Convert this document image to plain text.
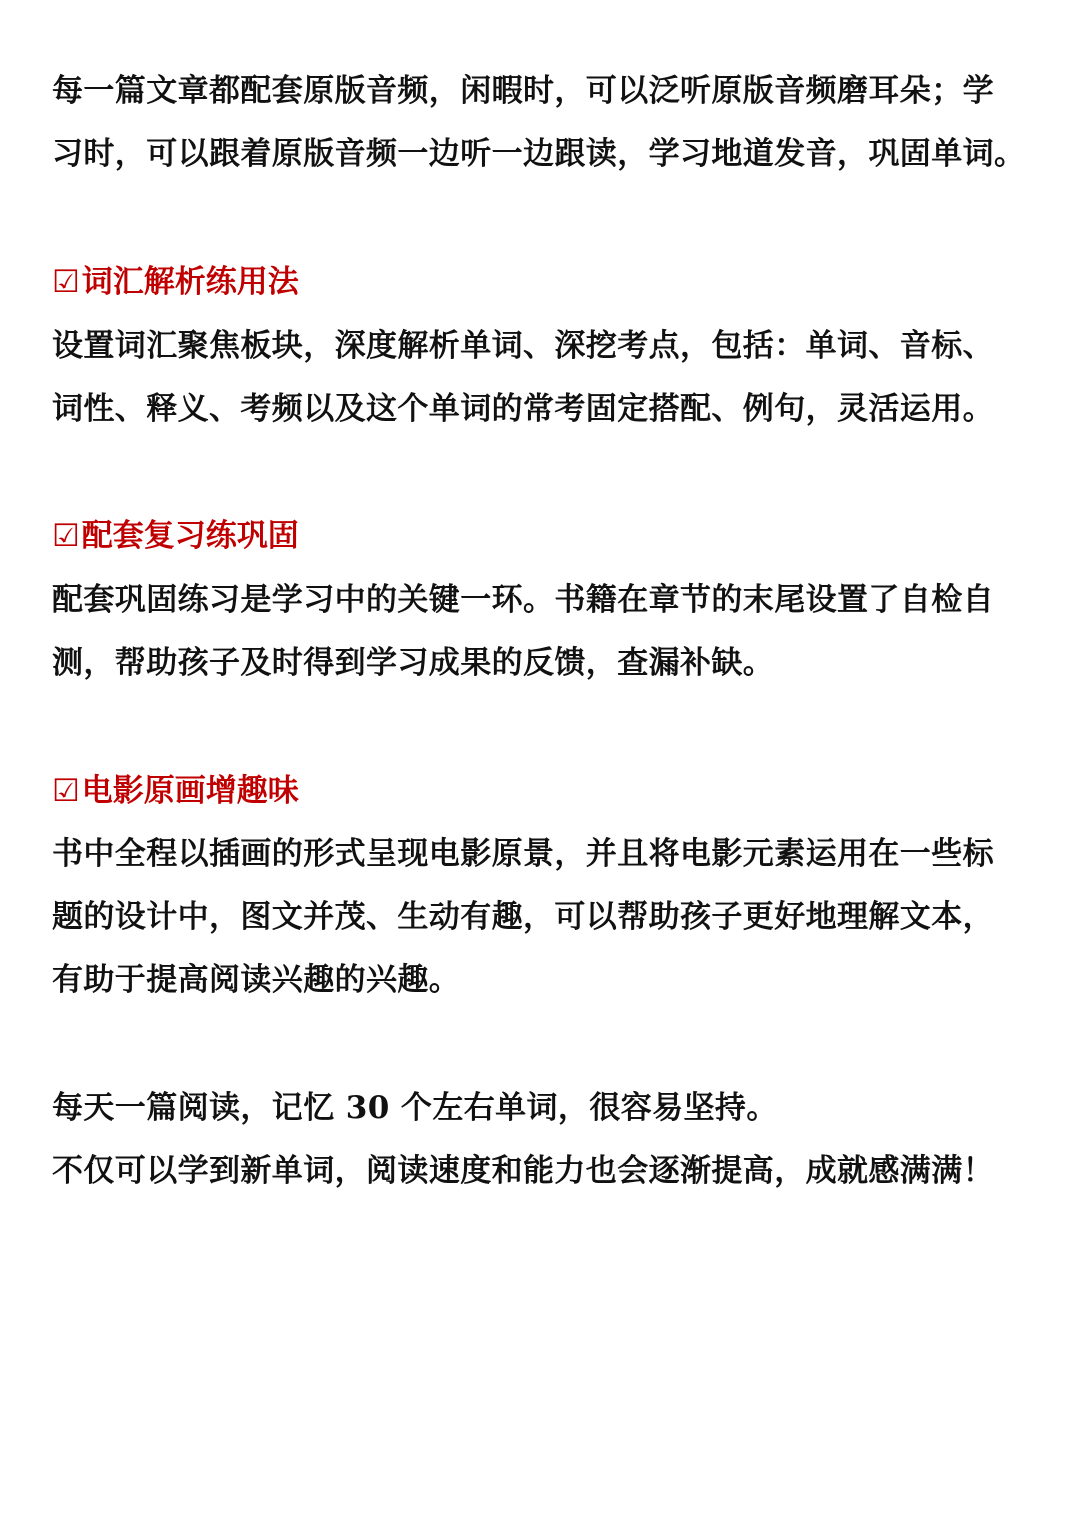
每一篇文章都配套原版音频，闲暇时，可以泛听原版音频磨耳朵；学
习时，可以跟着原版音频一边听一边跟读，学习地道发音，巩固单词。
☑词汇解析练用法
设置词汇聚焦板块，深度解析单词、深挖考点，包括：单词、音标、
词性、释义、考频以及这个单词的常考固定搭配、例句，灵活运用。
☑配套复习练巩固
配套巩固练习是学习中的关键一环。书籍在章节的末尾设置了自检自
测，帮助孩子及时得到学习成果的反馈，查漏补缺。
☑电影原画增趣味
书中全程以插画的形式呈现电影原景，并且将电影元素运用在一些标
题的设计中，图文并茂、生动有趣，可以帮助孩子更好地理解文本，
有助于提高阅读兴趣的兴趣。
每天一篇阅读，记忆 30 个左右单词，很容易坚持。
不仅可以学到新单词，阅读速度和能力也会逐渐提高，成就感满满！
